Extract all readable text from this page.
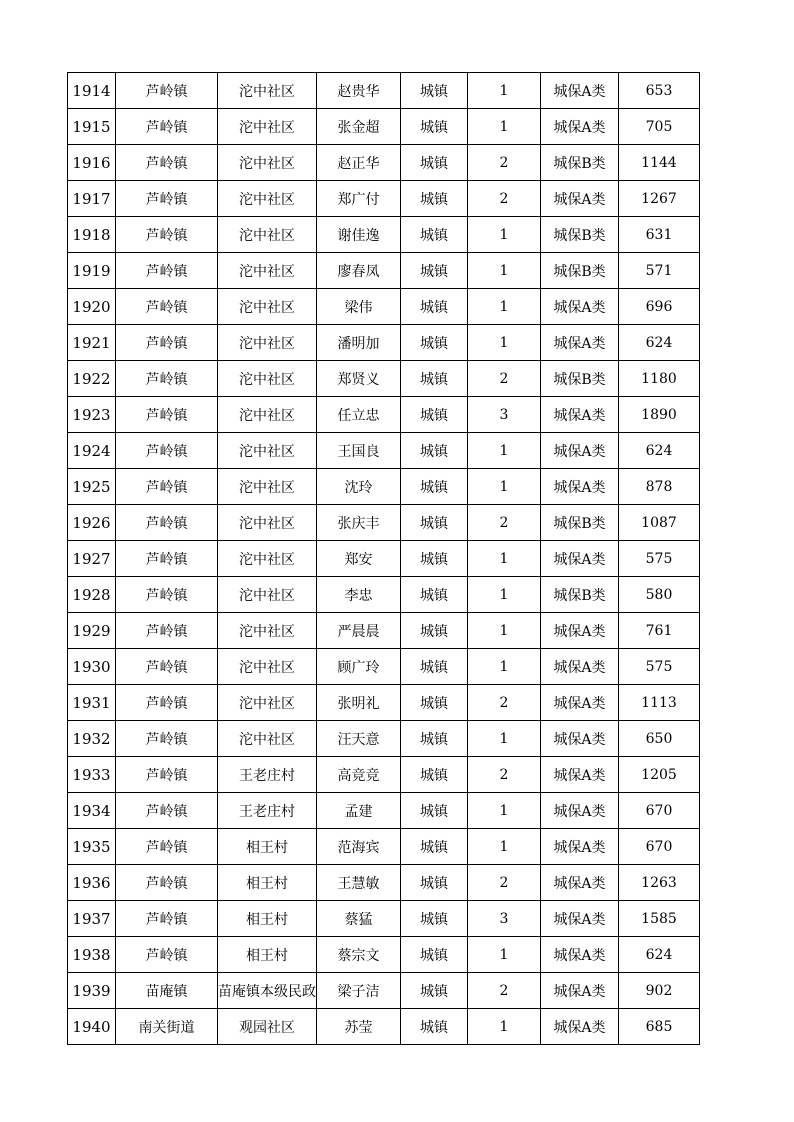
1914	芦岭镇	沱中社区	赵贵华	城镇	1	城保A类	653
1915	芦岭镇	沱中社区	张金超	城镇	1	城保A类	705
1916	芦岭镇	沱中社区	赵正华	城镇	2	城保B类	1144
1917	芦岭镇	沱中社区	郑广付	城镇	2	城保A类	1267
1918	芦岭镇	沱中社区	谢佳逸	城镇	1	城保B类	631
1919	芦岭镇	沱中社区	廖春凤	城镇	1	城保B类	571
1920	芦岭镇	沱中社区	梁伟	城镇	1	城保A类	696
1921	芦岭镇	沱中社区	潘明加	城镇	1	城保A类	624
1922	芦岭镇	沱中社区	郑贤义	城镇	2	城保B类	1180
1923	芦岭镇	沱中社区	任立忠	城镇	3	城保A类	1890
1924	芦岭镇	沱中社区	王国良	城镇	1	城保A类	624
1925	芦岭镇	沱中社区	沈玲	城镇	1	城保A类	878
1926	芦岭镇	沱中社区	张庆丰	城镇	2	城保B类	1087
1927	芦岭镇	沱中社区	郑安	城镇	1	城保A类	575
1928	芦岭镇	沱中社区	李忠	城镇	1	城保B类	580
1929	芦岭镇	沱中社区	严晨晨	城镇	1	城保A类	761
1930	芦岭镇	沱中社区	顾广玲	城镇	1	城保A类	575
1931	芦岭镇	沱中社区	张明礼	城镇	2	城保A类	1113
1932	芦岭镇	沱中社区	汪天意	城镇	1	城保A类	650
1933	芦岭镇	王老庄村	高竞竞	城镇	2	城保A类	1205
1934	芦岭镇	王老庄村	孟建	城镇	1	城保A类	670
1935	芦岭镇	相王村	范海宾	城镇	1	城保A类	670
1936	芦岭镇	相王村	王慧敏	城镇	2	城保A类	1263
1937	芦岭镇	相王村	蔡猛	城镇	3	城保A类	1585
1938	芦岭镇	相王村	蔡宗文	城镇	1	城保A类	624
1939	苗庵镇	苗庵镇本级民政	梁子洁	城镇	2	城保A类	902
1940	南关街道	观园社区	苏莹	城镇	1	城保A类	685
